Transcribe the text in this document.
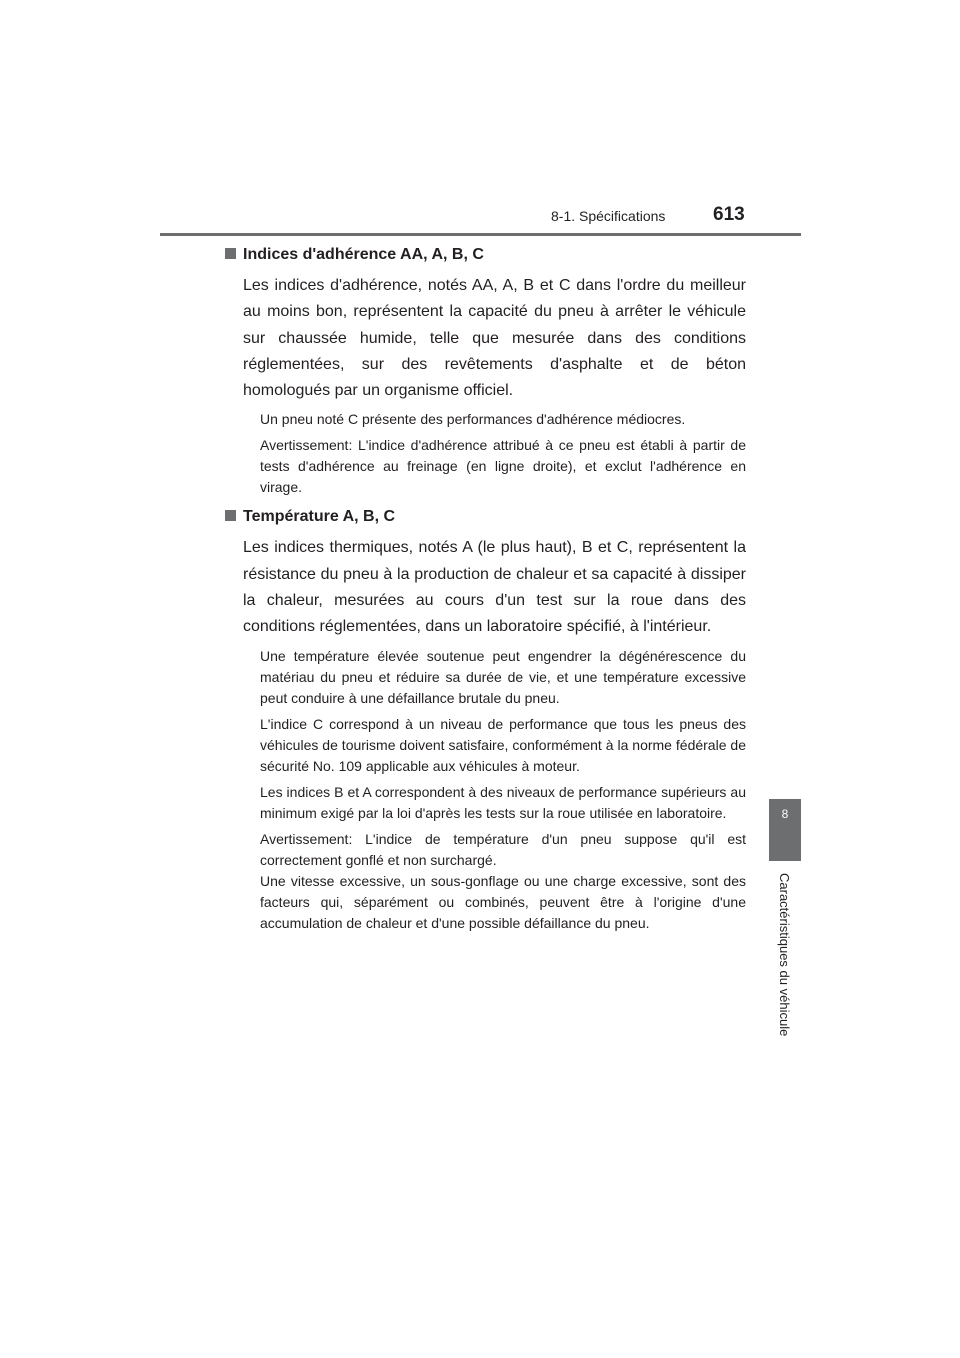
8-1. Spécifications	613
8
Caractéristiques du véhicule
Indices d'adhérence AA, A, B, C

Les indices d'adhérence, notés AA, A, B et C dans l'ordre du meilleur au moins bon, représentent la capacité du pneu à arrêter le véhicule sur chaussée humide, telle que mesurée dans des conditions réglementées, sur des revêtements d'asphalte et de béton homologués par un organisme officiel.

Un pneu noté C présente des performances d'adhérence médiocres.

Avertissement: L'indice d'adhérence attribué à ce pneu est établi à partir de tests d'adhérence au freinage (en ligne droite), et exclut l'adhérence en virage.

Température A, B, C

Les indices thermiques, notés A (le plus haut), B et C, représentent la résistance du pneu à la production de chaleur et sa capacité à dissiper la chaleur, mesurées au cours d'un test sur la roue dans des conditions réglementées, dans un laboratoire spécifié, à l'intérieur.

Une température élevée soutenue peut engendrer la dégénérescence du matériau du pneu et réduire sa durée de vie, et une température excessive peut conduire à une défaillance brutale du pneu.

L'indice C correspond à un niveau de performance que tous les pneus des véhicules de tourisme doivent satisfaire, conformément à la norme fédérale de sécurité No. 109 applicable aux véhicules à moteur.

Les indices B et A correspondent à des niveaux de performance supérieurs au minimum exigé par la loi d'après les tests sur la roue utilisée en laboratoire.

Avertissement: L'indice de température d'un pneu suppose qu'il est correctement gonflé et non surchargé.

Une vitesse excessive, un sous-gonflage ou une charge excessive, sont des facteurs qui, séparément ou combinés, peuvent être à l'origine d'une accumulation de chaleur et d'une possible défaillance du pneu.
